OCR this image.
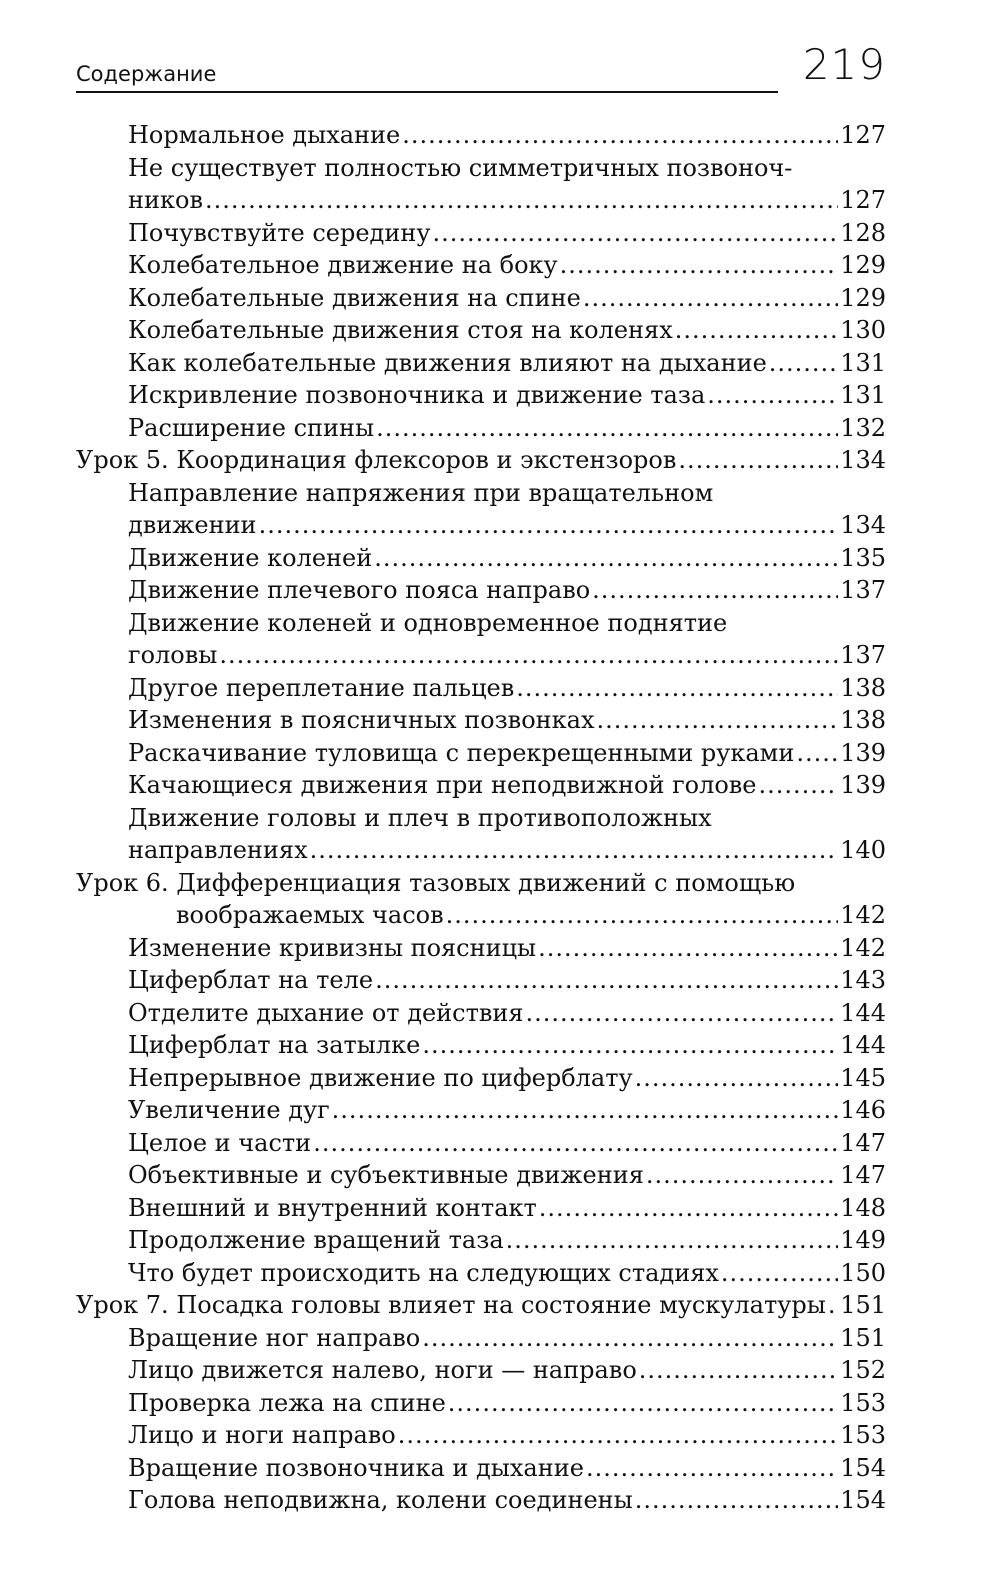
Содержание	219
Нормальное дыхание .....	127
Не существует полностью симметричных позвоноч-
ников .....	127
Почувствуйте середину .....	128
Колебательное движение на боку .....	129
Колебательные движения на спине .....	129
Колебательные движения стоя на коленях .....	130
Как колебательные движения влияют на дыхание .....	131
Искривление позвоночника и движение таза .....	131
Расширение спины .....	132
Урок 5. Координация флексоров и экстензоров .....	134
Направление напряжения при вращательном
движении .....	134
Движение коленей .....	135
Движение плечевого пояса направо .....	137
Движение коленей и одновременное поднятие
головы .....	137
Другое переплетание пальцев .....	138
Изменения в поясничных позвонках .....	138
Раскачивание туловища с перекрещенными руками ..... 139
Качающиеся движения при неподвижной голове .....	139
Движение головы и плеч в противоположных
направлениях .....	140
Урок 6. Дифференциация тазовых движений с помощью
воображаемых часов .....	142
Изменение кривизны поясницы .....	142
Циферблат на теле .....	143
Отделите дыхание от действия .....	144
Циферблат на затылке .....	144
Непрерывное движение по циферблату .....	145
Увеличение дуг .....	146
Целое и части .....	147
Объективные и субъективные движения .....	147
Внешний и внутренний контакт .....	148
Продолжение вращений таза .....	149
Что будет происходить на следующих стадиях .....	150
Урок 7. Посадка головы влияет на состояние мускулатуры ..... 151
Вращение ног направо .....	151
Лицо движется налево, ноги — направо .....	152
Проверка лежа на спине .....	153
Лицо и ноги направо .....	153
Вращение позвоночника и дыхание .....	154
Голова неподвижна, колени соединены .....	154
